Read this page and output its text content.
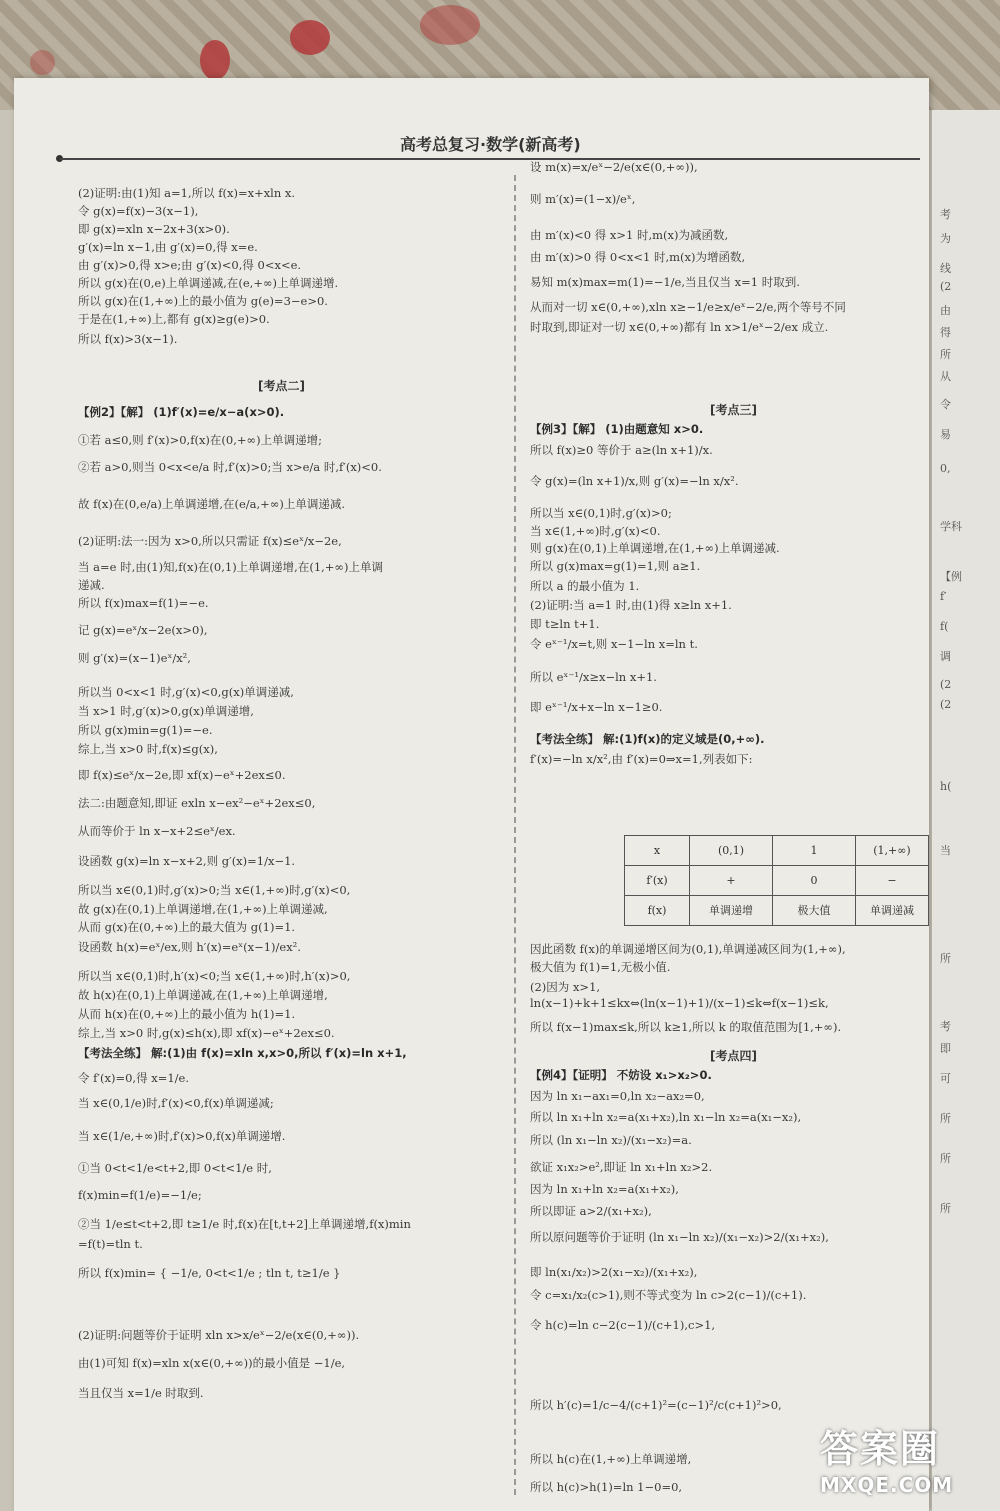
高考总复习·数学(新高考)
(2)证明:由(1)知 a=1,所以 f(x)=x+xln x.
令 g(x)=f(x)−3(x−1),
即 g(x)=xln x−2x+3(x>0).
g′(x)=ln x−1,由 g′(x)=0,得 x=e.
由 g′(x)>0,得 x>e;由 g′(x)<0,得 0<x<e.
所以 g(x)在(0,e)上单调递减,在(e,+∞)上单调递增.
所以 g(x)在(1,+∞)上的最小值为 g(e)=3−e>0.
于是在(1,+∞)上,都有 g(x)≥g(e)>0.
所以 f(x)>3(x−1).
[考点二]
【例2】【解】 (1)f′(x)=e/x−a(x>0).
①若 a≤0,则 f′(x)>0,f(x)在(0,+∞)上单调递增;
②若 a>0,则当 0<x<e/a 时,f′(x)>0;当 x>e/a 时,f′(x)<0.
故 f(x)在(0,e/a)上单调递增,在(e/a,+∞)上单调递减.
(2)证明:法一:因为 x>0,所以只需证 f(x)≤eˣ/x−2e,
当 a=e 时,由(1)知,f(x)在(0,1)上单调递增,在(1,+∞)上单调
递减.
所以 f(x)max=f(1)=−e.
记 g(x)=eˣ/x−2e(x>0),
则 g′(x)=(x−1)eˣ/x²,
所以当 0<x<1 时,g′(x)<0,g(x)单调递减,
当 x>1 时,g′(x)>0,g(x)单调递增,
所以 g(x)min=g(1)=−e.
综上,当 x>0 时,f(x)≤g(x),
即 f(x)≤eˣ/x−2e,即 xf(x)−eˣ+2ex≤0.
法二:由题意知,即证 exln x−ex²−eˣ+2ex≤0,
从而等价于 ln x−x+2≤eˣ/ex.
设函数 g(x)=ln x−x+2,则 g′(x)=1/x−1.
所以当 x∈(0,1)时,g′(x)>0;当 x∈(1,+∞)时,g′(x)<0,
故 g(x)在(0,1)上单调递增,在(1,+∞)上单调递减,
从而 g(x)在(0,+∞)上的最大值为 g(1)=1.
设函数 h(x)=eˣ/ex,则 h′(x)=eˣ(x−1)/ex².
所以当 x∈(0,1)时,h′(x)<0;当 x∈(1,+∞)时,h′(x)>0,
故 h(x)在(0,1)上单调递减,在(1,+∞)上单调递增,
从而 h(x)在(0,+∞)上的最小值为 h(1)=1.
综上,当 x>0 时,g(x)≤h(x),即 xf(x)−eˣ+2ex≤0.
【考法全练】 解:(1)由 f(x)=xln x,x>0,所以 f′(x)=ln x+1,
令 f′(x)=0,得 x=1/e.
当 x∈(0,1/e)时,f′(x)<0,f(x)单调递减;
当 x∈(1/e,+∞)时,f′(x)>0,f(x)单调递增.
①当 0<t<1/e<t+2,即 0<t<1/e 时,
f(x)min=f(1/e)=−1/e;
②当 1/e≤t<t+2,即 t≥1/e 时,f(x)在[t,t+2]上单调递增,f(x)min
=f(t)=tln t.
所以 f(x)min= { −1/e, 0<t<1/e ; tln t, t≥1/e }
(2)证明:问题等价于证明 xln x>x/eˣ−2/e(x∈(0,+∞)).
由(1)可知 f(x)=xln x(x∈(0,+∞))的最小值是 −1/e,
当且仅当 x=1/e 时取到.
x	(0,1)	1	(1,+∞)
f′(x)	+	0	−
f(x)	单调递增	极大值	单调递减
设 m(x)=x/eˣ−2/e(x∈(0,+∞)),
则 m′(x)=(1−x)/eˣ,
由 m′(x)<0 得 x>1 时,m(x)为减函数,
由 m′(x)>0 得 0<x<1 时,m(x)为增函数,
易知 m(x)max=m(1)=−1/e,当且仅当 x=1 时取到.
从而对一切 x∈(0,+∞),xln x≥−1/e≥x/eˣ−2/e,两个等号不同
时取到,即证对一切 x∈(0,+∞)都有 ln x>1/eˣ−2/ex 成立.
[考点三]
【例3】【解】 (1)由题意知 x>0.
所以 f(x)≥0 等价于 a≥(ln x+1)/x.
令 g(x)=(ln x+1)/x,则 g′(x)=−ln x/x².
所以当 x∈(0,1)时,g′(x)>0;
当 x∈(1,+∞)时,g′(x)<0.
则 g(x)在(0,1)上单调递增,在(1,+∞)上单调递减.
所以 g(x)max=g(1)=1,则 a≥1.
所以 a 的最小值为 1.
(2)证明:当 a=1 时,由(1)得 x≥ln x+1.
即 t≥ln t+1.
令 eˣ⁻¹/x=t,则 x−1−ln x=ln t.
所以 eˣ⁻¹/x≥x−ln x+1.
即 eˣ⁻¹/x+x−ln x−1≥0.
【考法全练】 解:(1)f(x)的定义域是(0,+∞).
f′(x)=−ln x/x²,由 f′(x)=0⇒x=1,列表如下:
因此函数 f(x)的单调递增区间为(0,1),单调递减区间为(1,+∞),
极大值为 f(1)=1,无极小值.
(2)因为 x>1,
ln(x−1)+k+1≤kx⇔(ln(x−1)+1)/(x−1)≤k⇔f(x−1)≤k,
所以 f(x−1)max≤k,所以 k≥1,所以 k 的取值范围为[1,+∞).
[考点四]
【例4】【证明】 不妨设 x₁>x₂>0.
因为 ln x₁−ax₁=0,ln x₂−ax₂=0,
所以 ln x₁+ln x₂=a(x₁+x₂),ln x₁−ln x₂=a(x₁−x₂),
所以 (ln x₁−ln x₂)/(x₁−x₂)=a.
欲证 x₁x₂>e²,即证 ln x₁+ln x₂>2.
因为 ln x₁+ln x₂=a(x₁+x₂),
所以即证 a>2/(x₁+x₂),
所以原问题等价于证明 (ln x₁−ln x₂)/(x₁−x₂)>2/(x₁+x₂),
即 ln(x₁/x₂)>2(x₁−x₂)/(x₁+x₂),
令 c=x₁/x₂(c>1),则不等式变为 ln c>2(c−1)/(c+1).
令 h(c)=ln c−2(c−1)/(c+1),c>1,
所以 h′(c)=1/c−4/(c+1)²=(c−1)²/c(c+1)²>0,
所以 h(c)在(1,+∞)上单调递增,
所以 h(c)>h(1)=ln 1−0=0,
考
为
线
(2
由
得
所
从
令
易
0,
学科
【例
f′
f(
调
(2
(2
h(
当
所
考
即
可
所
所
所
答案圈
MXQE.COM
